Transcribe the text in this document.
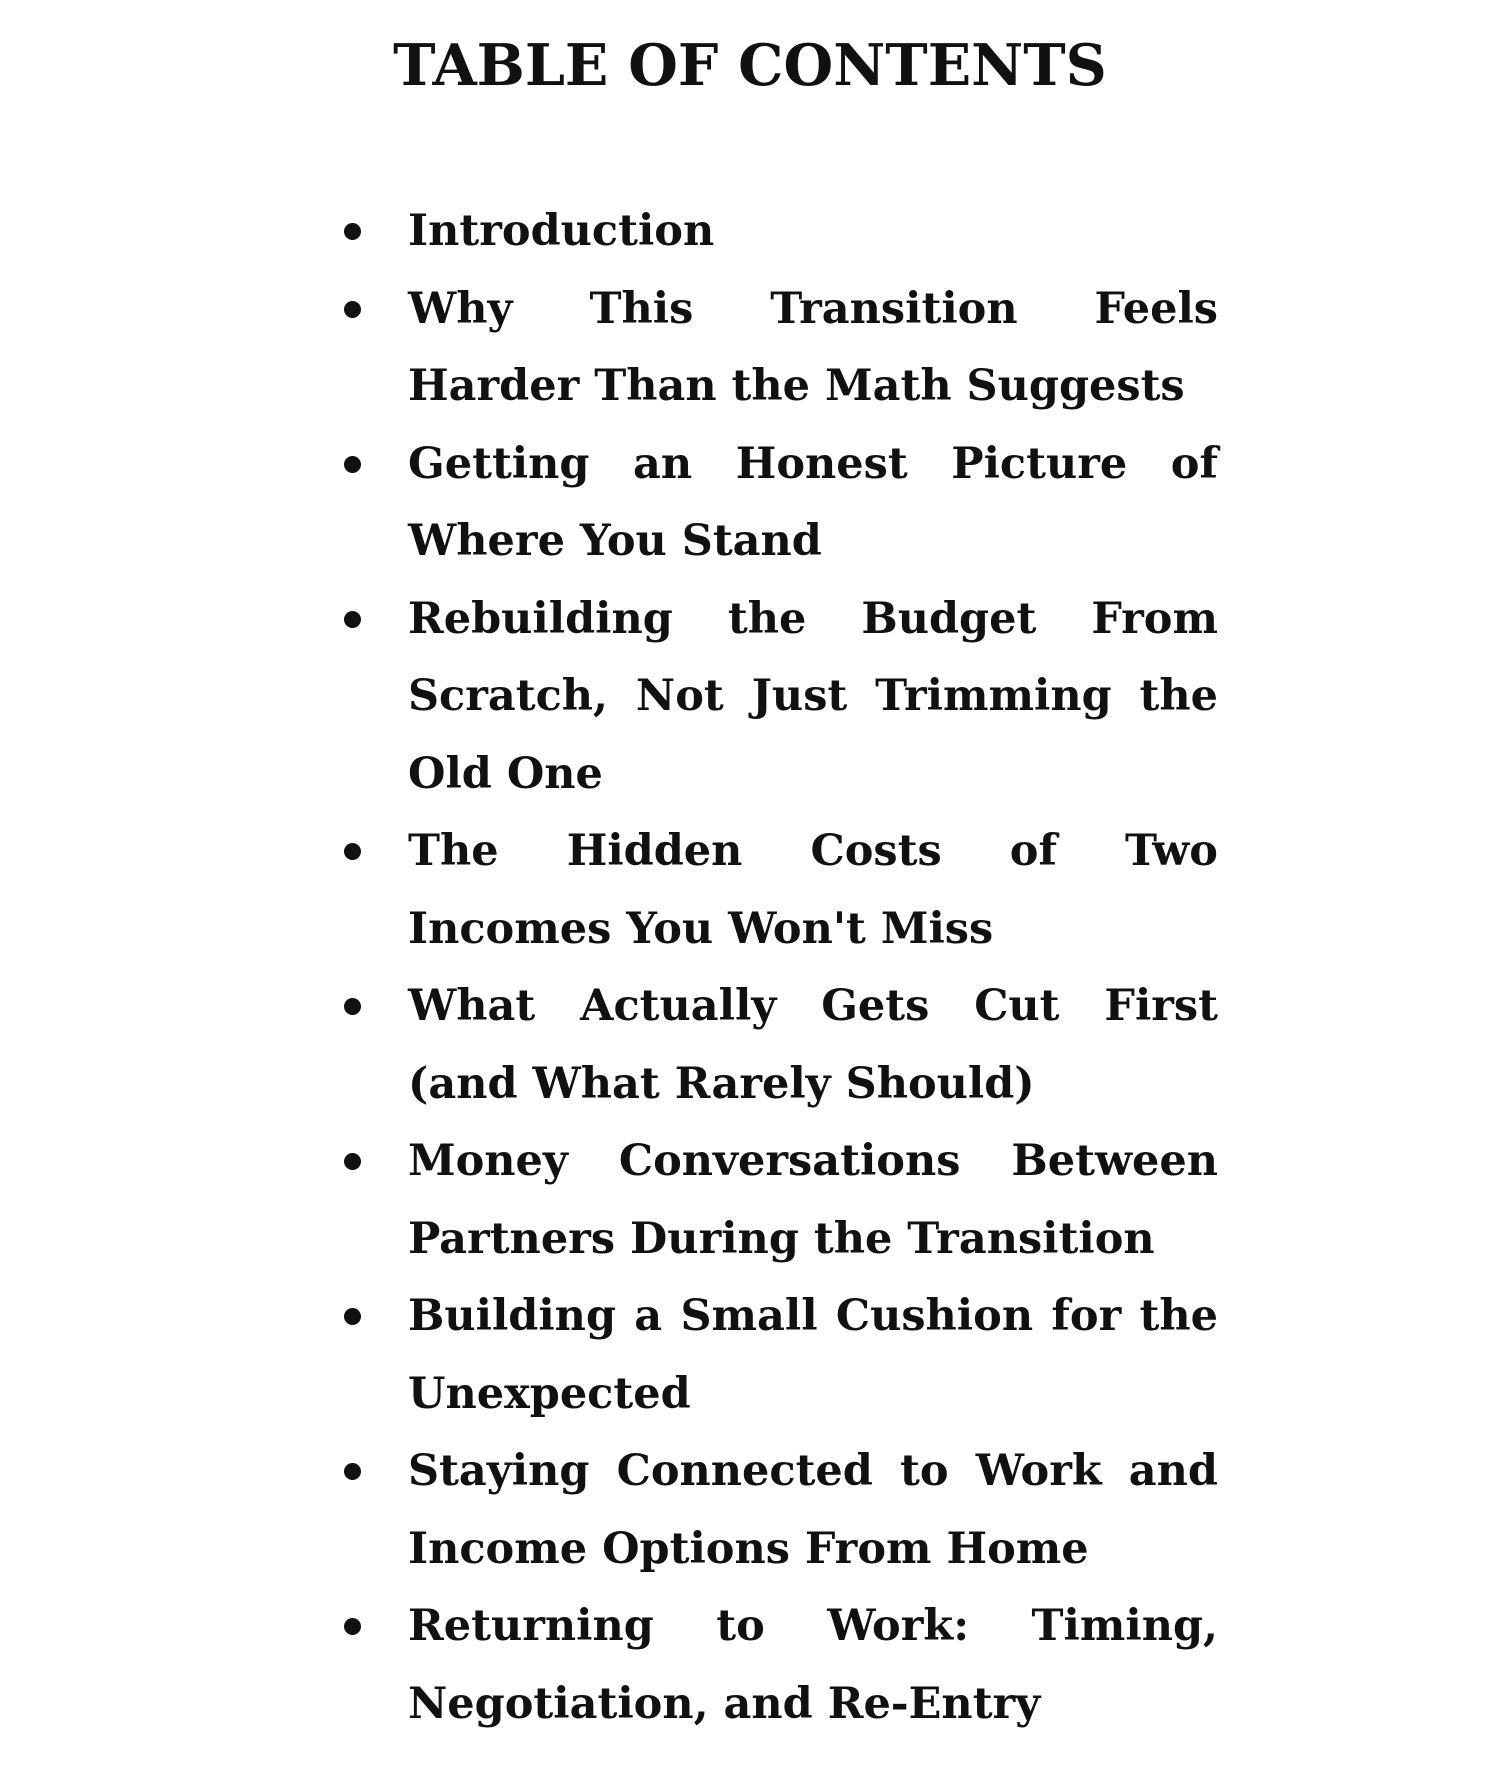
TABLE OF CONTENTS
Introduction
Why This Transition Feels Harder Than the Math Suggests
Getting an Honest Picture of Where You Stand
Rebuilding the Budget From Scratch, Not Just Trimming the Old One
The Hidden Costs of Two Incomes You Won't Miss
What Actually Gets Cut First (and What Rarely Should)
Money Conversations Between Partners During the Transition
Building a Small Cushion for the Unexpected
Staying Connected to Work and Income Options From Home
Returning to Work: Timing, Negotiation, and Re-Entry
